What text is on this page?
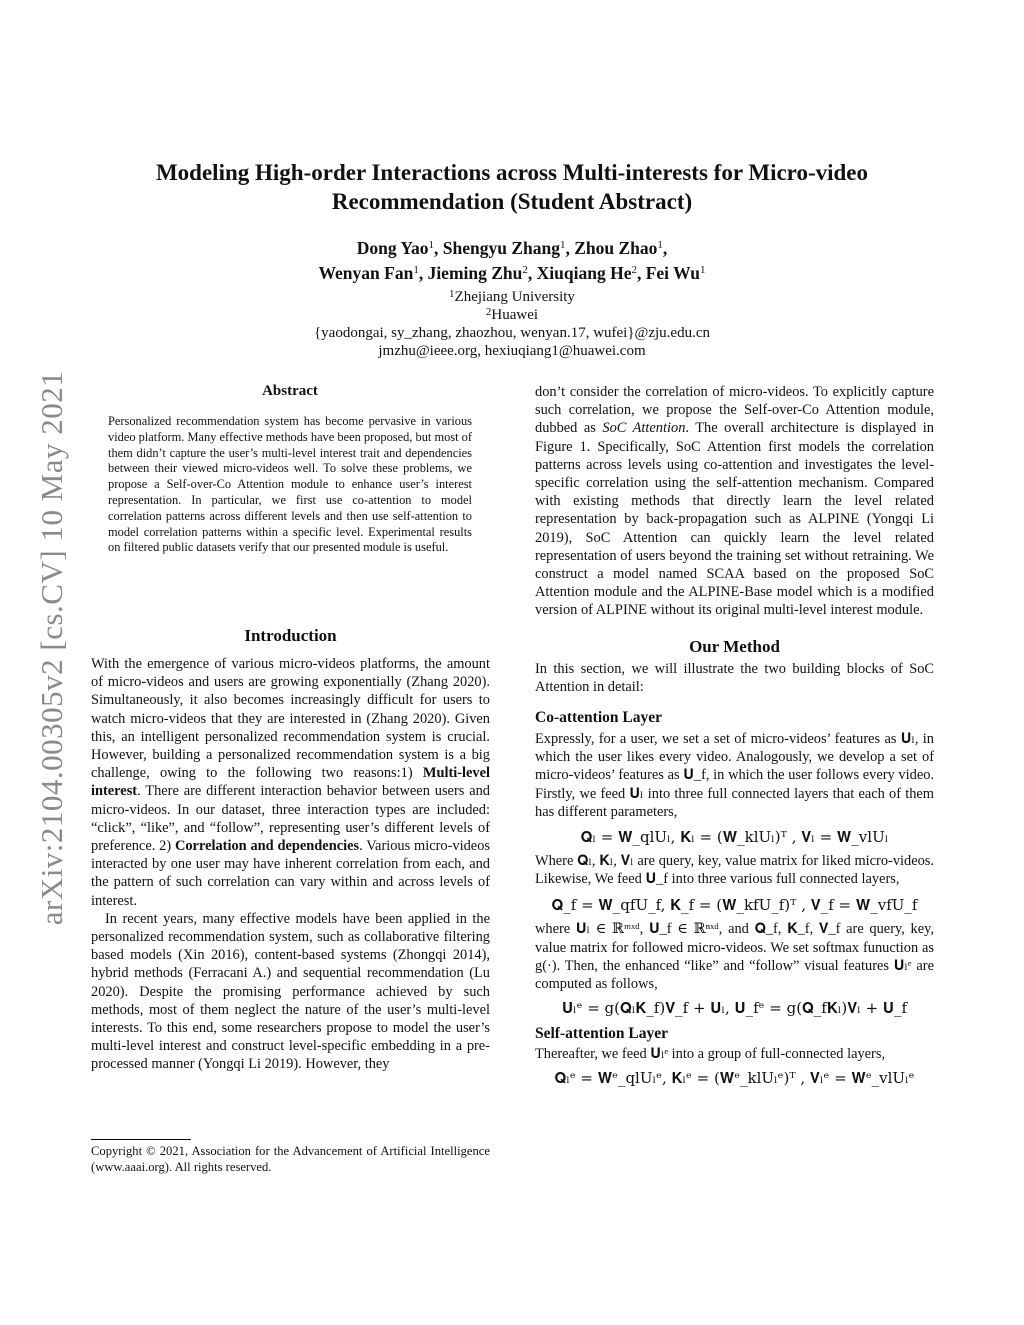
arXiv:2104.00305v2 [cs.CV] 10 May 2021
Modeling High-order Interactions across Multi-interests for Micro-video
Recommendation (Student Abstract)
Dong Yao$^1$, Shengyu Zhang$^1$, Zhou Zhao$^1$,
Wenyan Fan$^1$, Jieming Zhu$^2$, Xiuqiang He$^2$, Fei Wu$^1$
$^1$Zhejiang University
$^2$Huawei
{yaodongai, sy_zhang, zhaozhou, wenyan.17, wufei}@zju.edu.cn
jmzhu@ieee.org, hexiuqiang1@huawei.com
Abstract
Personalized recommendation system has become pervasive in various video platform. Many effective methods have been proposed, but most of them didn’t capture the user’s multi-level interest trait and dependencies between their viewed micro-videos well. To solve these problems, we propose a Self-over-Co Attention module to enhance user’s interest representation. In particular, we first use co-attention to model correlation patterns across different levels and then use self-attention to model correlation patterns within a specific level. Experimental results on filtered public datasets verify that our presented module is useful.
Introduction

With the emergence of various micro-videos platforms, the amount of micro-videos and users are growing exponentially (Zhang 2020). Simultaneously, it also becomes increasingly difficult for users to watch micro-videos that they are interested in (Zhang 2020). Given this, an intelligent personalized recommendation system is crucial. However, building a personalized recommendation system is a big challenge, owing to the following two reasons:1) Multi-level interest. There are different interaction behavior between users and micro-videos. In our dataset, three interaction types are included: “click”, “like”, and “follow”, representing user’s different levels of preference. 2) Correlation and dependencies. Various micro-videos interacted by one user may have inherent correlation from each, and the pattern of such correlation can vary within and across levels of interest.

In recent years, many effective models have been applied in the personalized recommendation system, such as collaborative filtering based models (Xin 2016), content-based systems (Zhongqi 2014), hybrid methods (Ferracani A.) and sequential recommendation (Lu 2020). Despite the promising performance achieved by such methods, most of them neglect the nature of the user’s multi-level interests. To this end, some researchers propose to model the user’s multi-level interest and construct level-specific embedding in a pre-processed manner (Yongqi Li 2019). However, they

Copyright © 2021, Association for the Advancement of Artificial Intelligence (www.aaai.org). All rights reserved.

don’t consider the correlation of micro-videos. To explicitly capture such correlation, we propose the Self-over-Co Attention module, dubbed as SoC Attention. The overall architecture is displayed in Figure 1. Specifically, SoC Attention first models the correlation patterns across levels using co-attention and investigates the level-specific correlation using the self-attention mechanism. Compared with existing methods that directly learn the level related representation by back-propagation such as ALPINE (Yongqi Li 2019), SoC Attention can quickly learn the level related representation of users beyond the training set without retraining. We construct a model named SCAA based on the proposed SoC Attention module and the ALPINE-Base model which is a modified version of ALPINE without its original multi-level interest module.

Our Method
In this section, we will illustrate the two building blocks of SoC Attention in detail:
Co-attention Layer
Expressly, for a user, we set a set of micro-videos’ features as 𝐔ₗ, in which the user likes every video. Analogously, we develop a set of micro-videos’ features as 𝐔_f, in which the user follows every video. Firstly, we feed 𝐔ₗ into three full connected layers that each of them has different parameters,
𝐐ₗ = 𝐖_qlUₗ, 𝐊ₗ = (𝐖_klUₗ)ᵀ , 𝐕ₗ = 𝐖_vlUₗ
Where 𝐐ₗ, 𝐊ₗ, 𝐕ₗ are query, key, value matrix for liked micro-videos. Likewise, We feed 𝐔_f into three various full connected layers,
𝐐_f = 𝐖_qfU_f, 𝐊_f = (𝐖_kfU_f)ᵀ , 𝐕_f = 𝐖_vfU_f
where 𝐔ₗ ∈ ℝᵐˣᵈ, 𝐔_f ∈ ℝⁿˣᵈ, and 𝐐_f, 𝐊_f, 𝐕_f are query, key, value matrix for followed micro-videos. We set softmax funuction as g(·). Then, the enhanced “like” and “follow” visual features 𝐔ₗᵉ are computed as follows,
𝐔ₗᵉ = g(𝐐ₗ𝐊_f)𝐕_f + 𝐔ₗ, 𝐔_fᵉ = g(𝐐_f𝐊ₗ)𝐕ₗ + 𝐔_f
Self-attention Layer
Thereafter, we feed 𝐔ₗᵉ into a group of full-connected layers,
𝐐ₗᵉ = 𝐖ᵉ_qlUₗᵉ, 𝐊ₗᵉ = (𝐖ᵉ_klUₗᵉ)ᵀ , 𝐕ₗᵉ = 𝐖ᵉ_vlUₗᵉ
